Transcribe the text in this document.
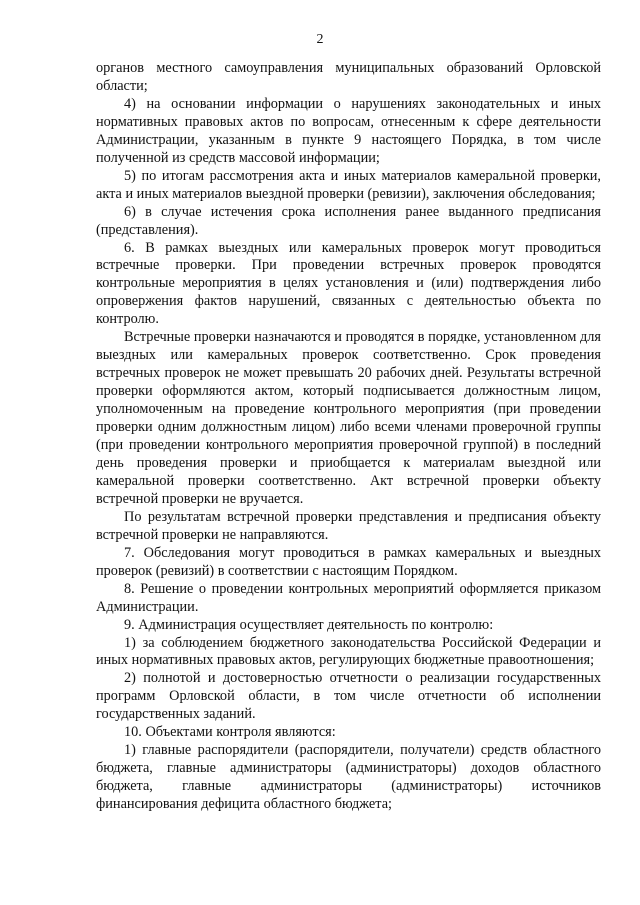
2

органов местного самоуправления муниципальных образований Орловской области;

4) на основании информации о нарушениях законодательных и иных нормативных правовых актов по вопросам, отнесенным к сфере деятельности Администрации, указанным в пункте 9 настоящего Порядка, в том числе полученной из средств массовой информации;

5) по итогам рассмотрения акта и иных материалов камеральной проверки, акта и иных материалов выездной проверки (ревизии), заключения обследования;

6) в случае истечения срока исполнения ранее выданного предписания (представления).

6. В рамках выездных или камеральных проверок могут проводиться встречные проверки. При проведении встречных проверок проводятся контрольные мероприятия в целях установления и (или) подтверждения либо опровержения фактов нарушений, связанных с деятельностью объекта по контролю.

Встречные проверки назначаются и проводятся в порядке, установленном для выездных или камеральных проверок соответственно. Срок проведения встречных проверок не может превышать 20 рабочих дней. Результаты встречной проверки оформляются актом, который подписывается должностным лицом, уполномоченным на проведение контрольного мероприятия (при проведении проверки одним должностным лицом) либо всеми членами проверочной группы (при проведении контрольного мероприятия проверочной группой) в последний день проведения проверки и приобщается к материалам выездной или камеральной проверки соответственно. Акт встречной проверки объекту встречной проверки не вручается.

По результатам встречной проверки представления и предписания объекту встречной проверки не направляются.

7. Обследования могут проводиться в рамках камеральных и выездных проверок (ревизий) в соответствии с настоящим Порядком.

8. Решение о проведении контрольных мероприятий оформляется приказом Администрации.

9. Администрация осуществляет деятельность по контролю:

1) за соблюдением бюджетного законодательства Российской Федерации и иных нормативных правовых актов, регулирующих бюджетные правоотношения;

2) полнотой и достоверностью отчетности о реализации государственных программ Орловской области, в том числе отчетности об исполнении государственных заданий.

10. Объектами контроля являются:

1) главные распорядители (распорядители, получатели) средств областного бюджета, главные администраторы (администраторы) доходов областного бюджета, главные администраторы (администраторы) источников финансирования дефицита областного бюджета;
